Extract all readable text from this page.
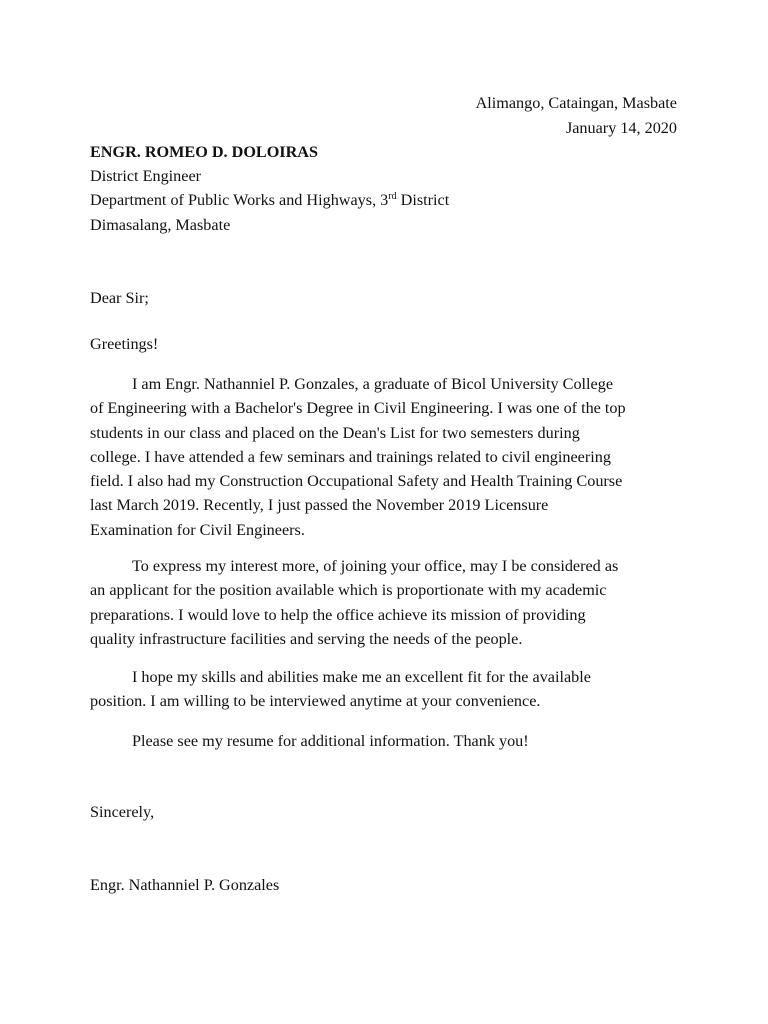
Alimango, Cataingan, Masbate
January 14, 2020
ENGR. ROMEO D. DOLOIRAS
District Engineer
Department of Public Works and Highways, 3rd District
Dimasalang, Masbate
Dear Sir;
Greetings!

I am Engr. Nathanniel P. Gonzales, a graduate of Bicol University College

of Engineering with a Bachelor's Degree in Civil Engineering. I was one of the top

students in our class and placed on the Dean's List for two semesters during

college. I have attended a few seminars and trainings related to civil engineering

field. I also had my Construction Occupational Safety and Health Training Course

last March 2019. Recently, I just passed the November 2019 Licensure

Examination for Civil Engineers.

To express my interest more, of joining your office, may I be considered as

an applicant for the position available which is proportionate with my academic

preparations. I would love to help the office achieve its mission of providing

quality infrastructure facilities and serving the needs of the people.

I hope my skills and abilities make me an excellent fit for the available

position. I am willing to be interviewed anytime at your convenience.

Please see my resume for additional information. Thank you!

Sincerely,
Engr. Nathanniel P. Gonzales
